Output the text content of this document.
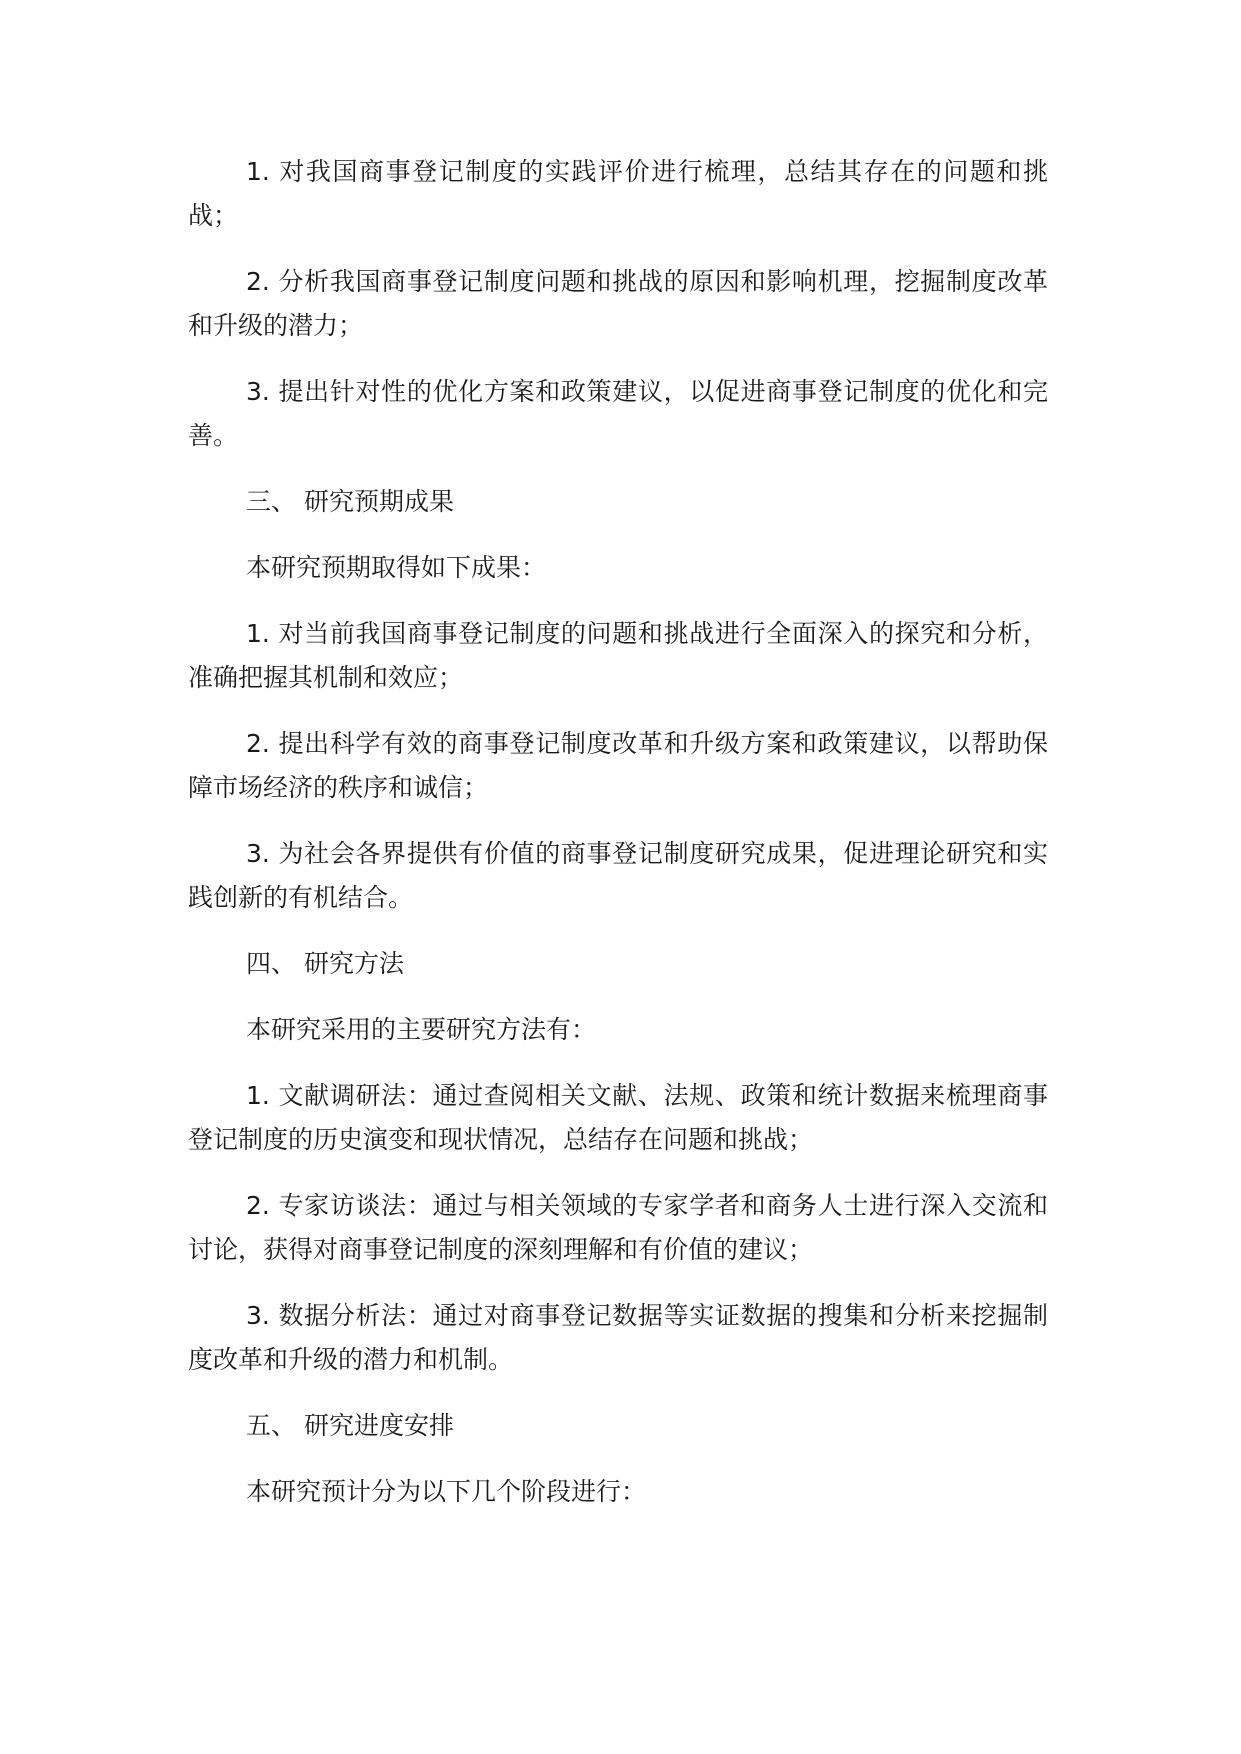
1. 对我国商事登记制度的实践评价进行梳理，总结其存在的问题和挑战；

2. 分析我国商事登记制度问题和挑战的原因和影响机理，挖掘制度改革和升级的潜力；

3. 提出针对性的优化方案和政策建议，以促进商事登记制度的优化和完善。

三、 研究预期成果

本研究预期取得如下成果：

1. 对当前我国商事登记制度的问题和挑战进行全面深入的探究和分析，准确把握其机制和效应；

2. 提出科学有效的商事登记制度改革和升级方案和政策建议，以帮助保障市场经济的秩序和诚信；

3. 为社会各界提供有价值的商事登记制度研究成果，促进理论研究和实践创新的有机结合。

四、 研究方法

本研究采用的主要研究方法有：

1. 文献调研法：通过查阅相关文献、法规、政策和统计数据来梳理商事登记制度的历史演变和现状情况，总结存在问题和挑战；

2. 专家访谈法：通过与相关领域的专家学者和商务人士进行深入交流和讨论，获得对商事登记制度的深刻理解和有价值的建议；

3. 数据分析法：通过对商事登记数据等实证数据的搜集和分析来挖掘制度改革和升级的潜力和机制。

五、 研究进度安排

本研究预计分为以下几个阶段进行：
